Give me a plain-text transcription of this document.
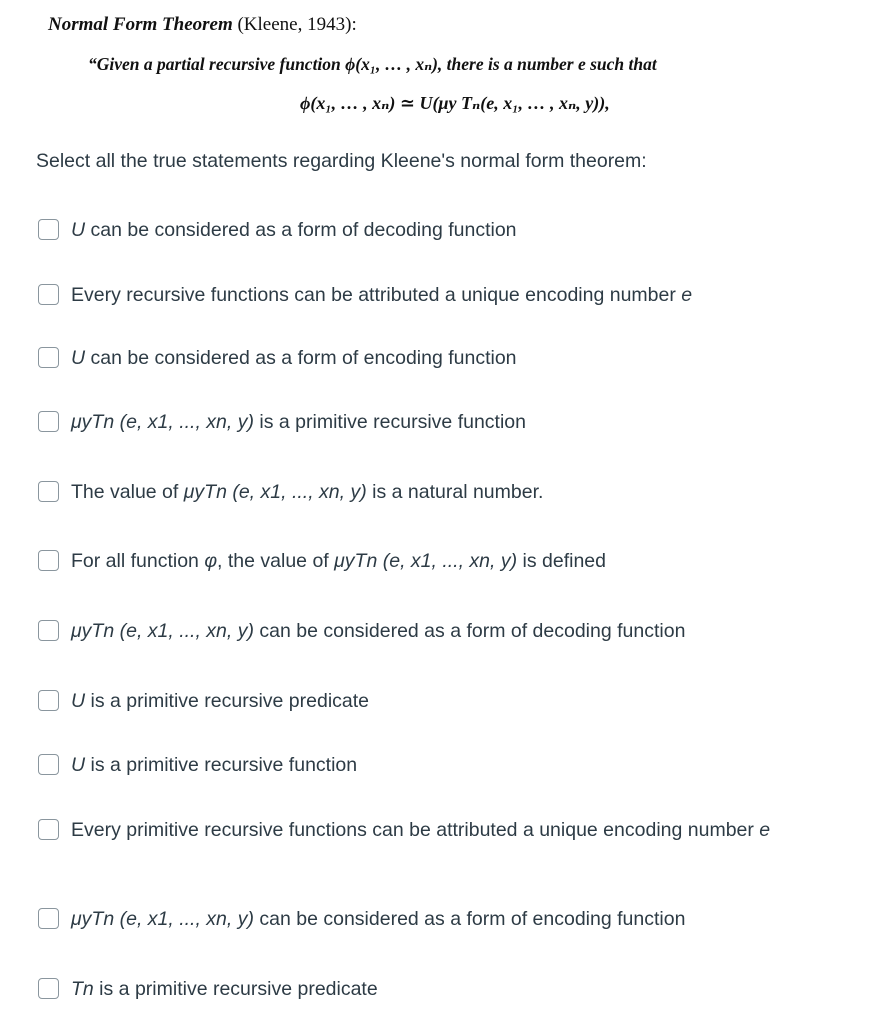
Normal Form Theorem (Kleene, 1943):

“Given a partial recursive function ϕ(x₁, … , xₙ), there is a number e such that

ϕ(x₁, … , xₙ) ≃ U(μy Tₙ(e, x₁, … , xₙ, y)),

Select all the true statements regarding Kleene's normal form theorem:

U can be considered as a form of decoding function
Every recursive functions can be attributed a unique encoding number e
U can be considered as a form of encoding function
μyTn (e, x1, ..., xn, y) is a primitive recursive function
The value of μyTn (e, x1, ..., xn, y) is a natural number.
For all function φ, the value of μyTn (e, x1, ..., xn, y) is defined
μyTn (e, x1, ..., xn, y) can be considered as a form of decoding function
U is a primitive recursive predicate
U is a primitive recursive function
Every primitive recursive functions can be attributed a unique encoding number e
μyTn (e, x1, ..., xn, y) can be considered as a form of encoding function
Tn is a primitive recursive predicate
